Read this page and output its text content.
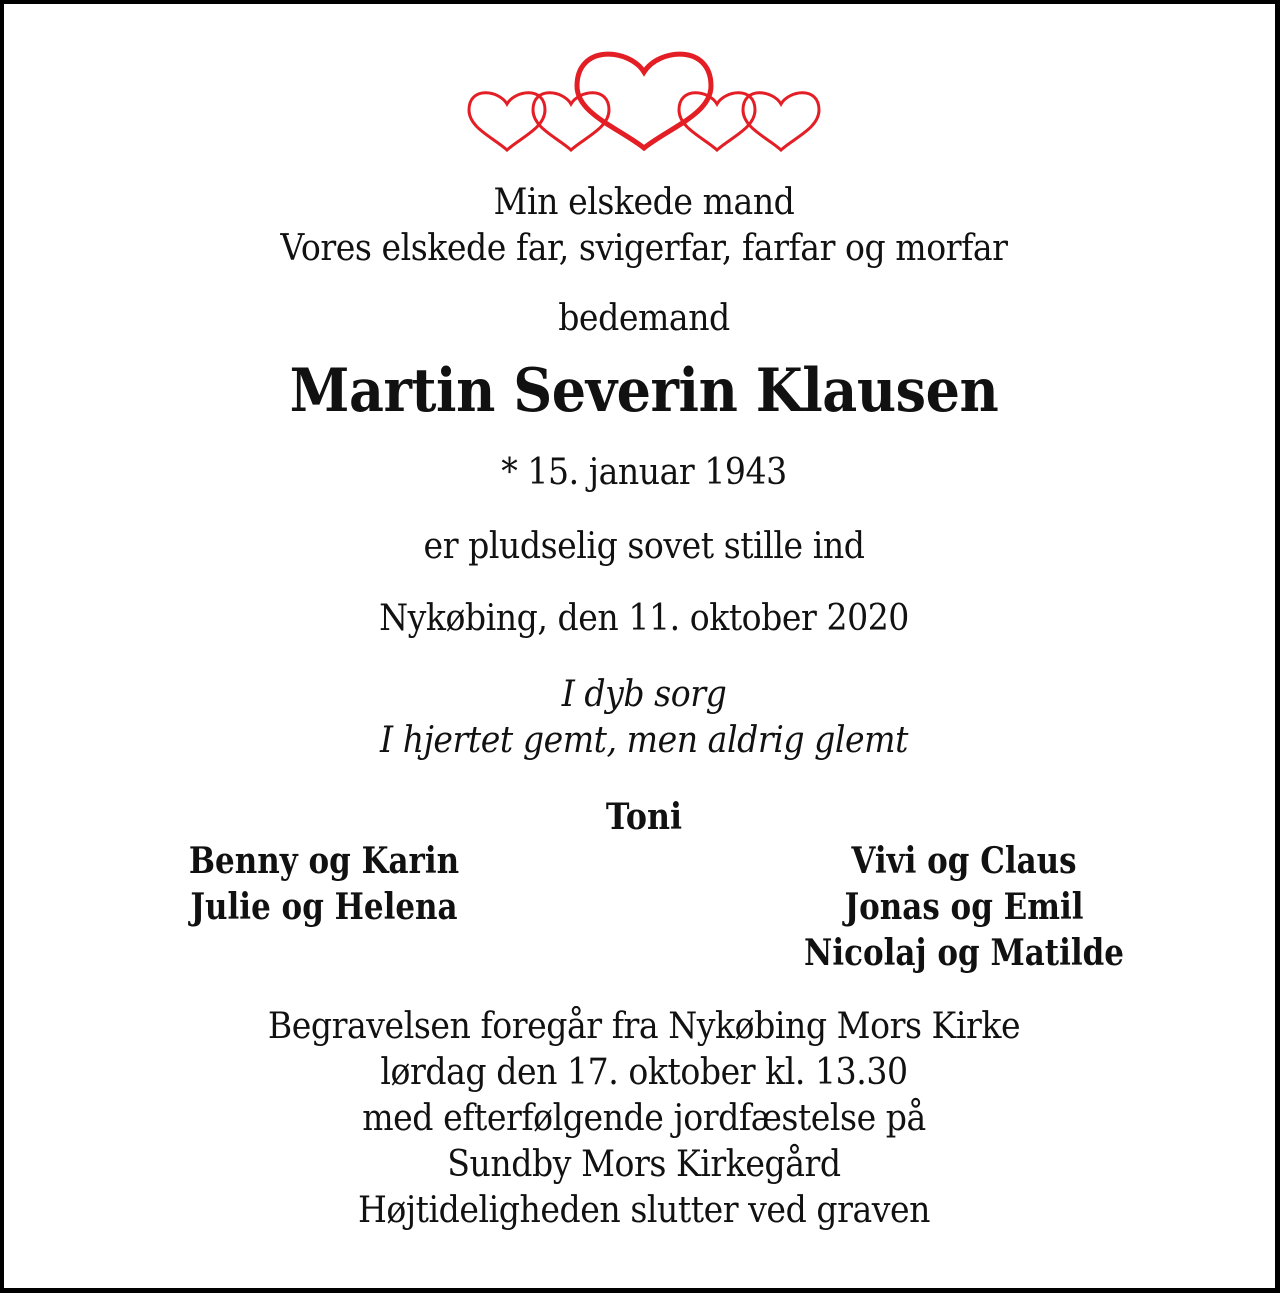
Min elskede mand
Vores elskede far, svigerfar, farfar og morfar
bedemand
Martin Severin Klausen
* 15. januar 1943
er pludselig sovet stille ind
Nykøbing, den 11. oktober 2020
I dyb sorg
I hjertet gemt, men aldrig glemt
Toni
Benny og Karin
Julie og Helena
Vivi og Claus
Jonas og Emil
Nicolaj og Matilde
Begravelsen foregår fra Nykøbing Mors Kirke
lørdag den 17. oktober kl. 13.30
med efterfølgende jordfæstelse på
Sundby Mors Kirkegård
Højtideligheden slutter ved graven
